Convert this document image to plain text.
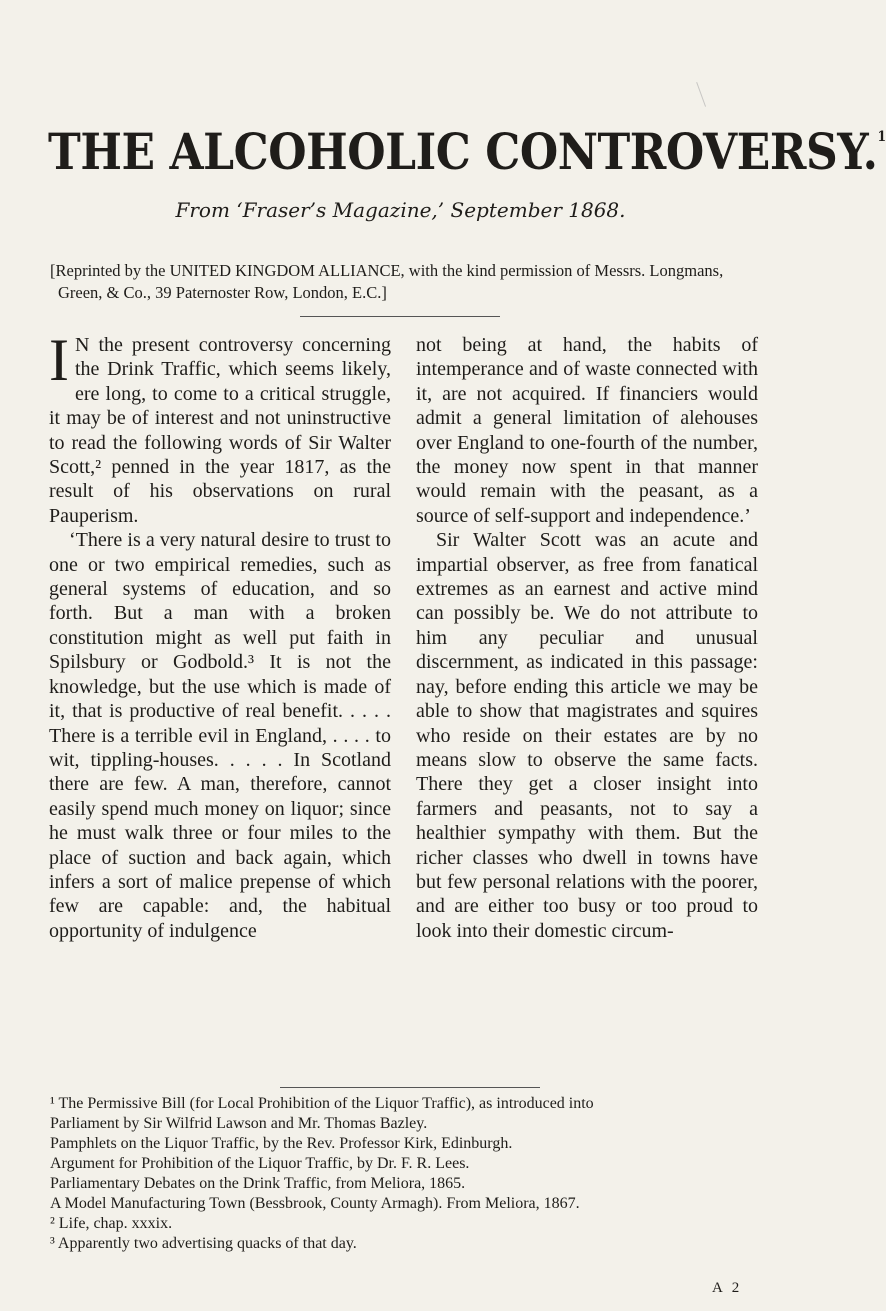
THE ALCOHOLIC CONTROVERSY.$^1$
From ‘Fraser’s Magazine,’ September 1868.
[Reprinted by the UNITED KINGDOM ALLIANCE, with the kind permission of Messrs. Longmans, Green, & Co., 39 Paternoster Row, London, E.C.]

I N the present controversy concerning the Drink Traffic, which seems likely, ere long, to come to a critical struggle, it may be of interest and not uninstructive to read the following words of Sir Walter Scott,² penned in the year 1817, as the result of his observations on rural Pauperism.

‘There is a very natural desire to trust to one or two empirical remedies, such as general systems of education, and so forth. But a man with a broken constitution might as well put faith in Spilsbury or Godbold.³ It is not the knowledge, but the use which is made of it, that is productive of real benefit. . . . . There is a terrible evil in England, . . . . to wit, tippling-houses. . . . . In Scotland there are few. A man, therefore, cannot easily spend much money on liquor; since he must walk three or four miles to the place of suction and back again, which infers a sort of malice prepense of which few are capable: and, the habitual opportunity of indulgence

not being at hand, the habits of intemperance and of waste connected with it, are not acquired. If financiers would admit a general limitation of alehouses over England to one-fourth of the number, the money now spent in that manner would remain with the peasant, as a source of self-support and independence.’

Sir Walter Scott was an acute and impartial observer, as free from fanatical extremes as an earnest and active mind can possibly be. We do not attribute to him any peculiar and unusual discernment, as indicated in this passage: nay, before ending this article we may be able to show that magistrates and squires who reside on their estates are by no means slow to observe the same facts. There they get a closer insight into farmers and peasants, not to say a healthier sympathy with them. But the richer classes who dwell in towns have but few personal relations with the poorer, and are either too busy or too proud to look into their domestic circum-

¹ The Permissive Bill (for Local Prohibition of the Liquor Traffic), as introduced into
Parliament by Sir Wilfrid Lawson and Mr. Thomas Bazley.
Pamphlets on the Liquor Traffic, by the Rev. Professor Kirk, Edinburgh.
Argument for Prohibition of the Liquor Traffic, by Dr. F. R. Lees.
Parliamentary Debates on the Drink Traffic, from Meliora, 1865.
A Model Manufacturing Town (Bessbrook, County Armagh). From Meliora, 1867.
² Life, chap. xxxix.
³ Apparently two advertising quacks of that day.
A 2
